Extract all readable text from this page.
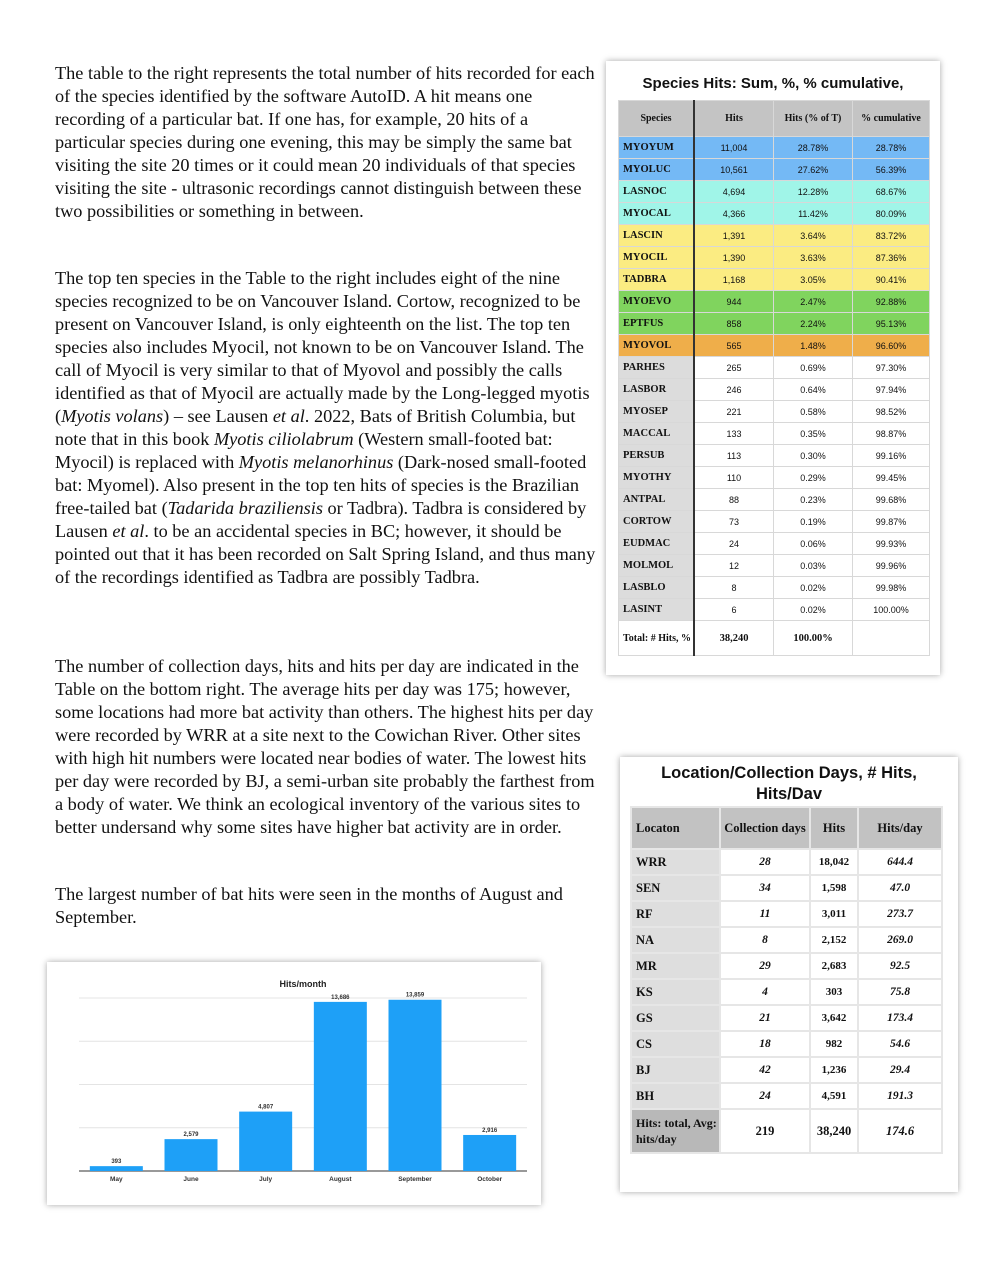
The table to the right represents the total number of hits recorded for each of the species identified by the software AutoID. A hit means one recording of a particular bat. If one has, for example, 20 hits of a particular species during one evening, this may be simply the same bat visiting the site 20 times or it could mean 20 individuals of that species visiting the site - ultrasonic recordings cannot distinguish between these two possibilities or something in between.

The top ten species in the Table to the right includes eight of the nine species recognized to be on Vancouver Island. Cortow, recognized to be present on Vancouver Island, is only eighteenth on the list. The top ten species also includes Myocil, not known to be on Vancouver Island. The call of Myocil is very similar to that of Myovol and possibly the calls identified as that of Myocil are actually made by the Long-legged myotis (Myotis volans) – see Lausen et al. 2022, Bats of British Columbia, but note that in this book Myotis ciliolabrum (Western small-footed bat: Myocil) is replaced with Myotis melanorhinus (Dark-nosed small-footed bat: Myomel). Also present in the top ten hits of species is the Brazilian free-tailed bat (Tadarida braziliensis or Tadbra). Tadbra is considered by Lausen et al. to be an accidental species in BC; however, it should be pointed out that it has been recorded on Salt Spring Island, and thus many of the recordings identified as Tadbra are possibly Tadbra.

The number of collection days, hits and hits per day are indicated in the Table on the bottom right. The average hits per day was 175; however, some locations had more bat activity than others. The highest hits per day were recorded by WRR at a site next to the Cowichan River. Other sites with high hit numbers were located near bodies of water. The lowest hits per day were recorded by BJ, a semi-urban site probably the farthest from a body of water. We think an ecological inventory of the various sites to better undersand why some sites have higher bat activity are in order.

The largest number of bat hits were seen in the months of August and September.

Species Hits: Sum, %, % cumulative,
Species	Hits	Hits (% of T)	% cumulative
MYOYUM	11,004	28.78%	28.78%
MYOLUC	10,561	27.62%	56.39%
LASNOC	4,694	12.28%	68.67%
MYOCAL	4,366	11.42%	80.09%
LASCIN	1,391	3.64%	83.72%
MYOCIL	1,390	3.63%	87.36%
TADBRA	1,168	3.05%	90.41%
MYOEVO	944	2.47%	92.88%
EPTFUS	858	2.24%	95.13%
MYOVOL	565	1.48%	96.60%
PARHES	265	0.69%	97.30%
LASBOR	246	0.64%	97.94%
MYOSEP	221	0.58%	98.52%
MACCAL	133	0.35%	98.87%
PERSUB	113	0.30%	99.16%
MYOTHY	110	0.29%	99.45%
ANTPAL	88	0.23%	99.68%
CORTOW	73	0.19%	99.87%
EUDMAC	24	0.06%	99.93%
MOLMOL	12	0.03%	99.96%
LASBLO	8	0.02%	99.98%
LASINT	6	0.02%	100.00%
Total: # Hits, %	38,240	100.00%	
Location/Collection Days, # Hits, Hits/Dav
Locaton	Collection days	Hits	Hits/day
WRR	28	18,042	644.4
SEN	34	1,598	47.0
RF	11	3,011	273.7
NA	8	2,152	269.0
MR	29	2,683	92.5
KS	4	303	75.8
GS	21	3,642	173.4
CS	18	982	54.6
BJ	42	1,236	29.4
BH	24	4,591	191.3
Hits: total, Avg: hits/day	219	38,240	174.6
Hits/month
393
May
2,579
June
4,807
July
13,686
August
13,859
September
2,916
October
